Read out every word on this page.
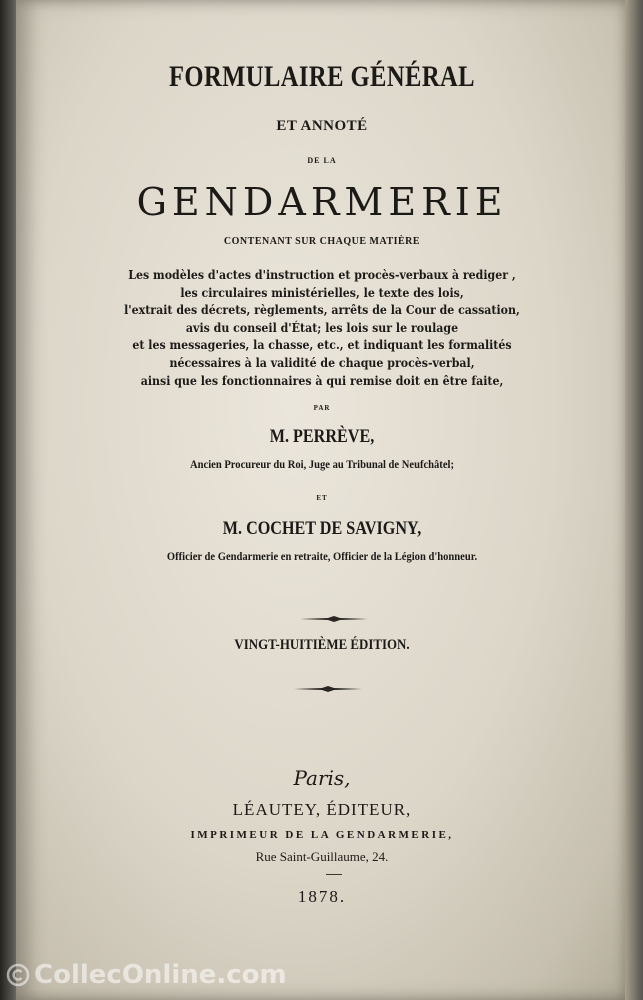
FORMULAIRE GÉNÉRAL
ET ANNOTÉ
DE LA
GENDARMERIE
CONTENANT SUR CHAQUE MATIÈRE
Les modèles d'actes d'instruction et procès-verbaux à rediger ,
les circulaires ministérielles, le texte des lois,
l'extrait des décrets, règlements, arrêts de la Cour de cassation,
avis du conseil d'État; les lois sur le roulage
et les messageries, la chasse, etc., et indiquant les formalités
nécessaires à la validité de chaque procès-verbal,
ainsi que les fonctionnaires à qui remise doit en être faite,
PAR
M. PERRÈVE,
Ancien Procureur du Roi, Juge au Tribunal de Neufchâtel;
ET
M. COCHET DE SAVIGNY,
Officier de Gendarmerie en retraite, Officier de la Légion d'honneur.
VINGT-HUITIÈME ÉDITION.
Paris,
LÉAUTEY, ÉDITEUR,
IMPRIMEUR DE LA GENDARMERIE,
Rue Saint-Guillaume, 24.
1878.
CollecOnline.com
